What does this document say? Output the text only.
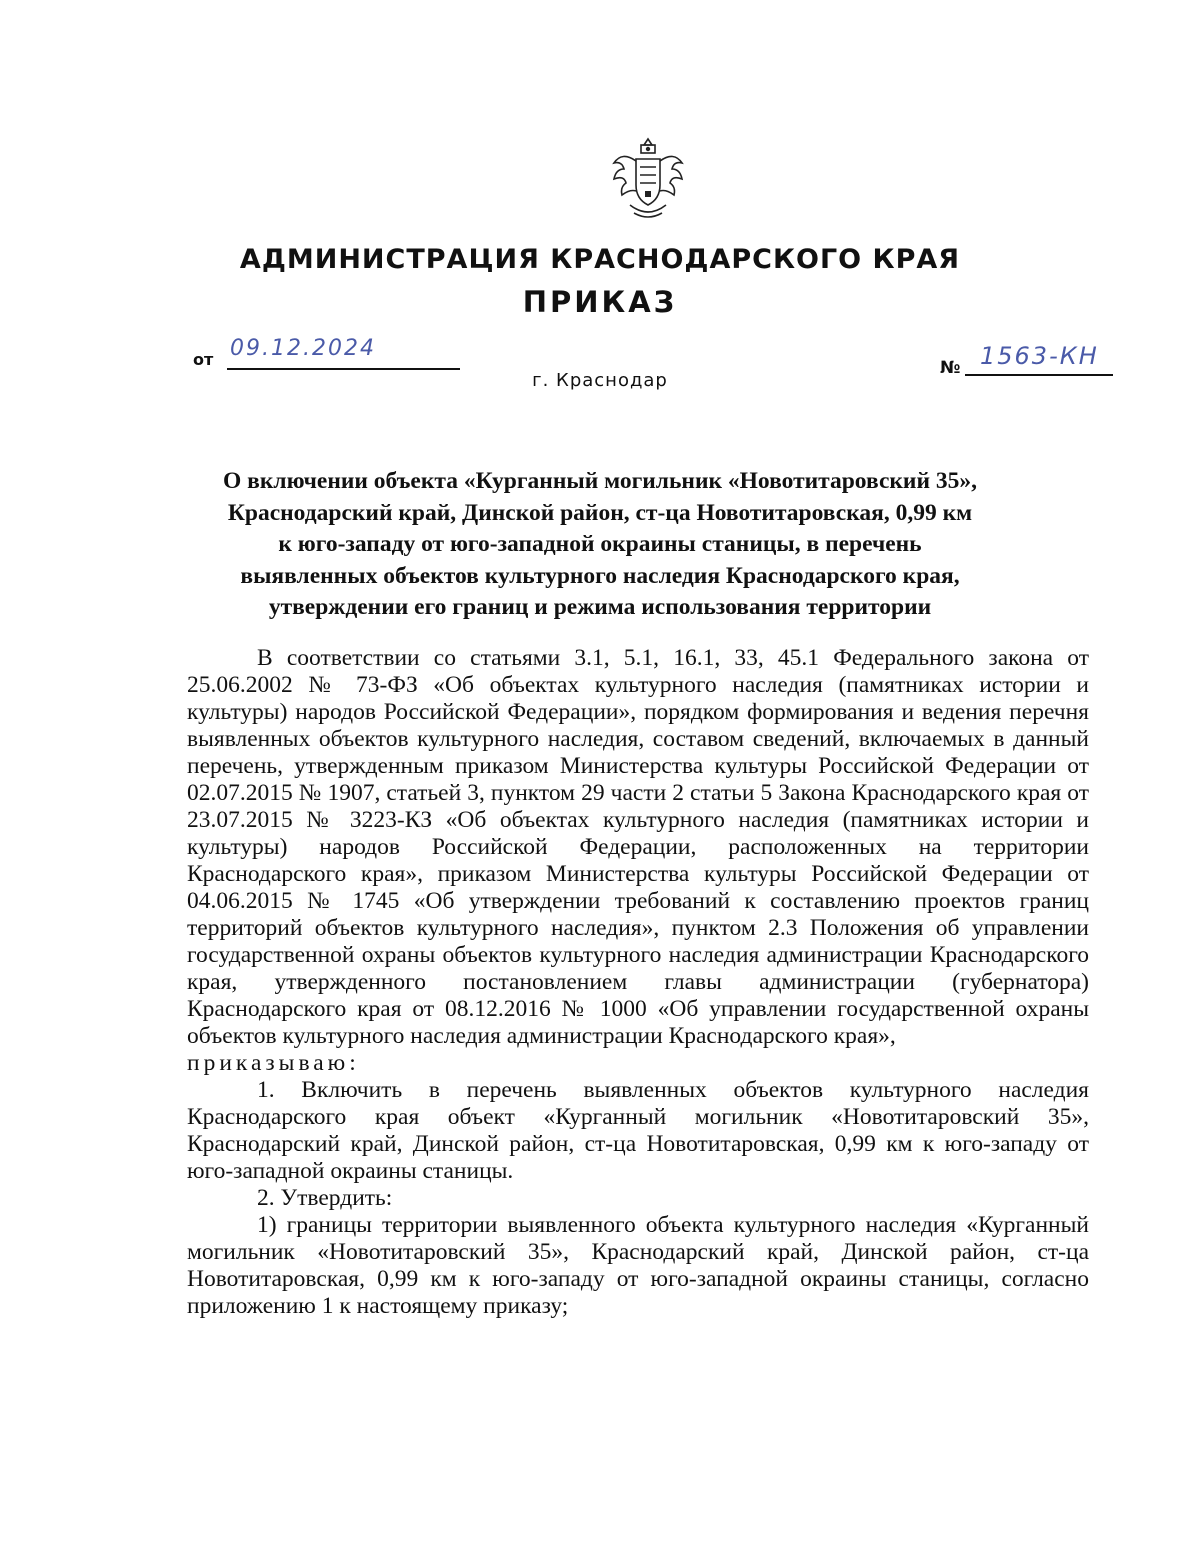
АДМИНИСТРАЦИЯ КРАСНОДАРСКОГО КРАЯ
ПРИКАЗ
от 09.12.2024
№ 1563-КН
г. Краснодар
О включении объекта «Курганный могильник «Новотитаровский 35»,
Краснодарский край, Динской район, ст-ца Новотитаровская, 0,99 км
к юго-западу от юго-западной окраины станицы, в перечень
выявленных объектов культурного наследия Краснодарского края,
утверждении его границ и режима использования территории

В соответствии со статьями 3.1, 5.1, 16.1, 33, 45.1 Федерального закона от 25.06.2002 № 73-ФЗ «Об объектах культурного наследия (памятниках истории и культуры) народов Российской Федерации», порядком формирования и ведения перечня выявленных объектов культурного наследия, составом сведений, включаемых в данный перечень, утвержденным приказом Министерства культуры Российской Федерации от 02.07.2015 № 1907, статьей 3, пунктом 29 части 2 статьи 5 Закона Краснодарского края от 23.07.2015 № 3223-КЗ «Об объектах культурного наследия (памятниках истории и культуры) народов Российской Федерации, расположенных на территории Краснодарского края», приказом Министерства культуры Российской Федерации от 04.06.2015 № 1745 «Об утверждении требований к составлению проектов границ территорий объектов культурного наследия», пунктом 2.3 Положения об управлении государственной охраны объектов культурного наследия администрации Краснодарского края, утвержденного постановлением главы администрации (губернатора) Краснодарского края от 08.12.2016 № 1000 «Об управлении государственной охраны объектов культурного наследия администрации Краснодарского края»,

приказываю:

1. Включить в перечень выявленных объектов культурного наследия Краснодарского края объект «Курганный могильник «Новотитаровский 35», Краснодарский край, Динской район, ст-ца Новотитаровская, 0,99 км к юго-западу от юго-западной окраины станицы.

2. Утвердить:

1) границы территории выявленного объекта культурного наследия «Курганный могильник «Новотитаровский 35», Краснодарский край, Динской район, ст-ца Новотитаровская, 0,99 км к юго-западу от юго-западной окраины станицы, согласно приложению 1 к настоящему приказу;
